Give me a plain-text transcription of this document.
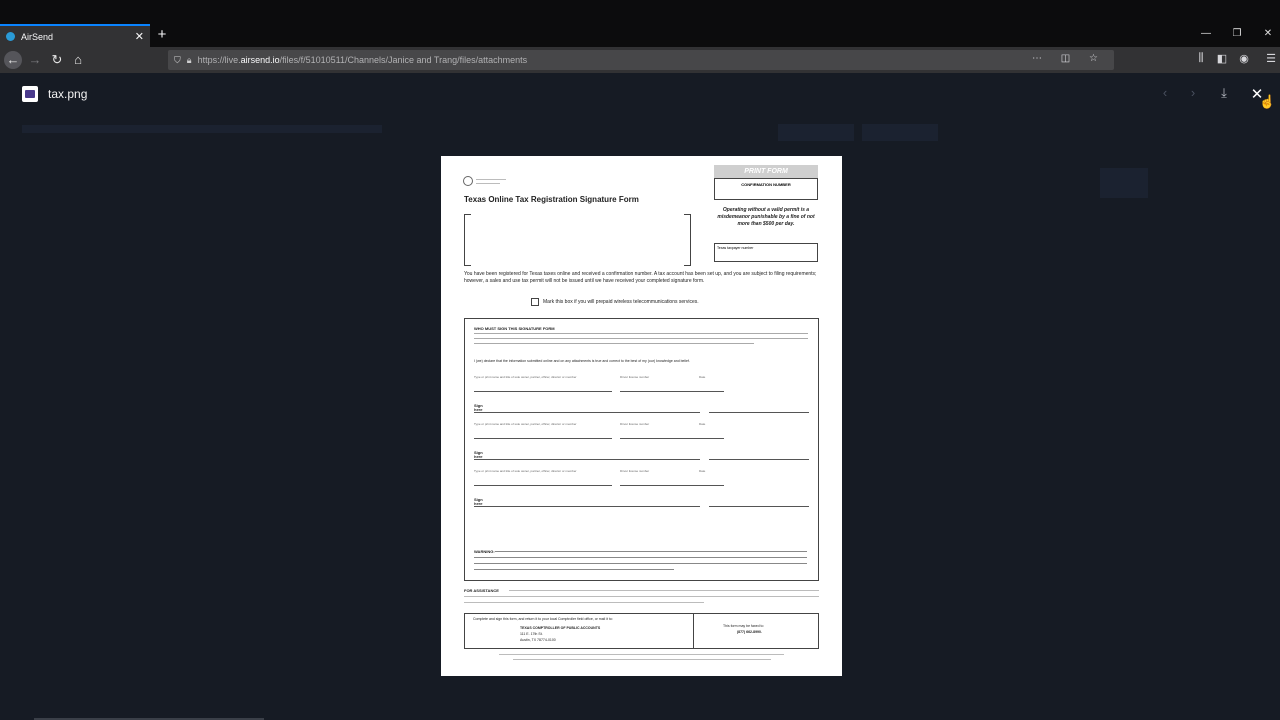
AirSend	✕ +	— ❐ ✕
← → ↻ ⌂	⛉ 🔒︎ https://live.airsend.io/files/f/51010511/Channels/Janice and Trang/files/attachments	⋯ ◫ ☆	⫼	◧ ◉ ☰
tax.png	‹	›	⤓	✕
Texas Online Tax Registration Signature Form
PRINT FORM
CONFIRMATION NUMBER
Operating without a valid permit is a misdemeanor punishable by a fine of not more than $500 per day.
Texas taxpayer number
You have been registered for Texas taxes online and received a confirmation number. A tax account has been set up, and you are subject to filing requirements; however, a sales and use tax permit will not be issued until we have received your completed signature form.
Mark this box if you will prepaid wireless telecommunications services.
WHO MUST SIGN THIS SIGNATURE FORM
I (we) declare that the information submitted online and on any attachments is true and correct to the best of my (our) knowledge and belief.
Type or print name and title of sole owner, partner, officer, director or member	Driver license number	Date
Sign here
Type or print name and title of sole owner, partner, officer, director or member	Driver license number	Date
Sign here
Type or print name and title of sole owner, partner, officer, director or member	Driver license number	Date
Sign here
WARNING:
FOR ASSISTANCE
Complete and sign this form, and return it to your local Comptroller field office, or mail it to:
TEXAS COMPTROLLER OF PUBLIC ACCOUNTS
111 E. 17th St.
Austin, TX 78774-0100
This form may be faxed to
(877) 662-8990.
☝
